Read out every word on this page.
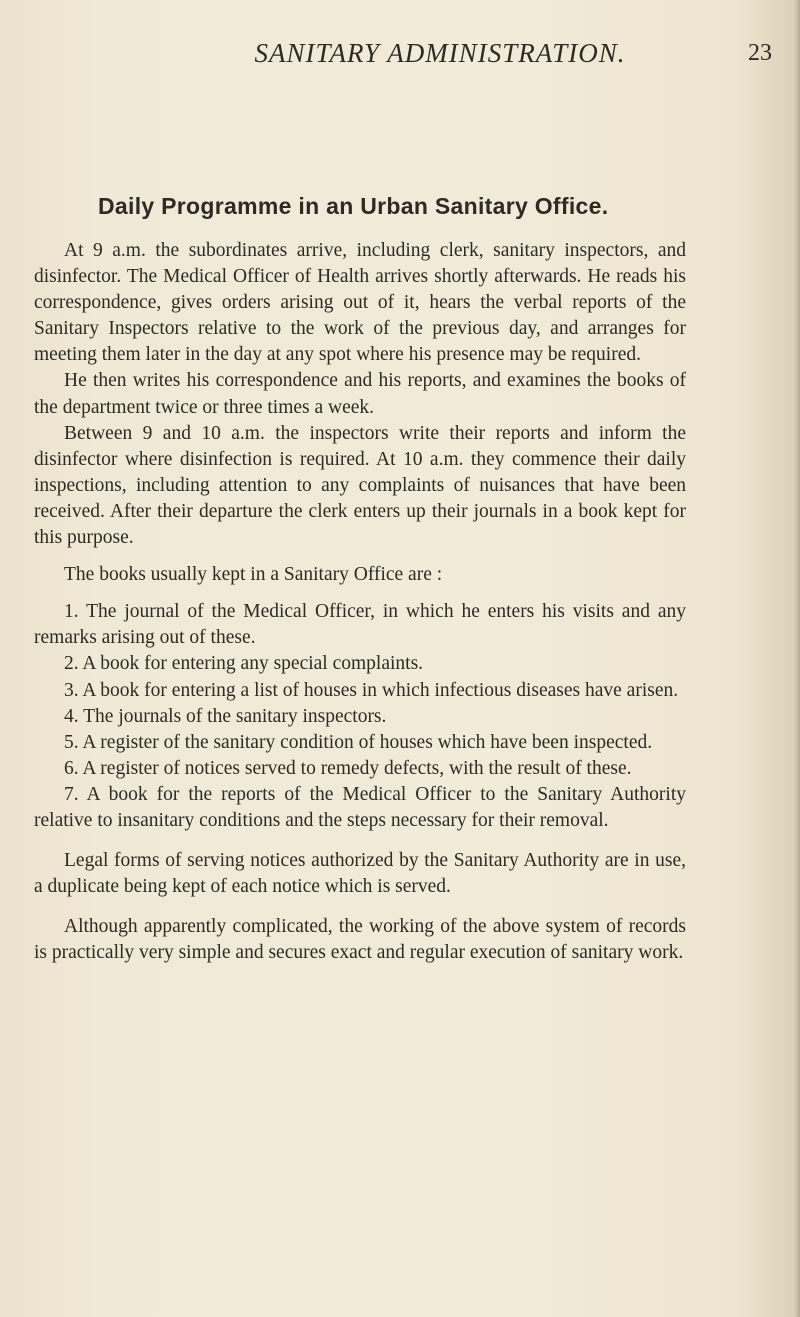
SANITARY ADMINISTRATION.	23
Daily Programme in an Urban Sanitary Office.

At 9 a.m. the subordinates arrive, including clerk, sanitary inspectors, and disinfector. The Medical Officer of Health arrives shortly afterwards. He reads his correspondence, gives orders arising out of it, hears the verbal reports of the Sanitary Inspectors relative to the work of the previous day, and arranges for meeting them later in the day at any spot where his presence may be required.

He then writes his correspondence and his reports, and examines the books of the department twice or three times a week.

Between 9 and 10 a.m. the inspectors write their reports and inform the disinfector where disinfection is required. At 10 a.m. they commence their daily inspections, including attention to any complaints of nuisances that have been received. After their departure the clerk enters up their journals in a book kept for this purpose.

The books usually kept in a Sanitary Office are :

1. The journal of the Medical Officer, in which he enters his visits and any remarks arising out of these.

2. A book for entering any special complaints.

3. A book for entering a list of houses in which infectious diseases have arisen.

4. The journals of the sanitary inspectors.

5. A register of the sanitary condition of houses which have been inspected.

6. A register of notices served to remedy defects, with the result of these.

7. A book for the reports of the Medical Officer to the Sanitary Authority relative to insanitary conditions and the steps necessary for their removal.

Legal forms of serving notices authorized by the Sanitary Authority are in use, a duplicate being kept of each notice which is served.

Although apparently complicated, the working of the above system of records is practically very simple and secures exact and regular execution of sanitary work.
